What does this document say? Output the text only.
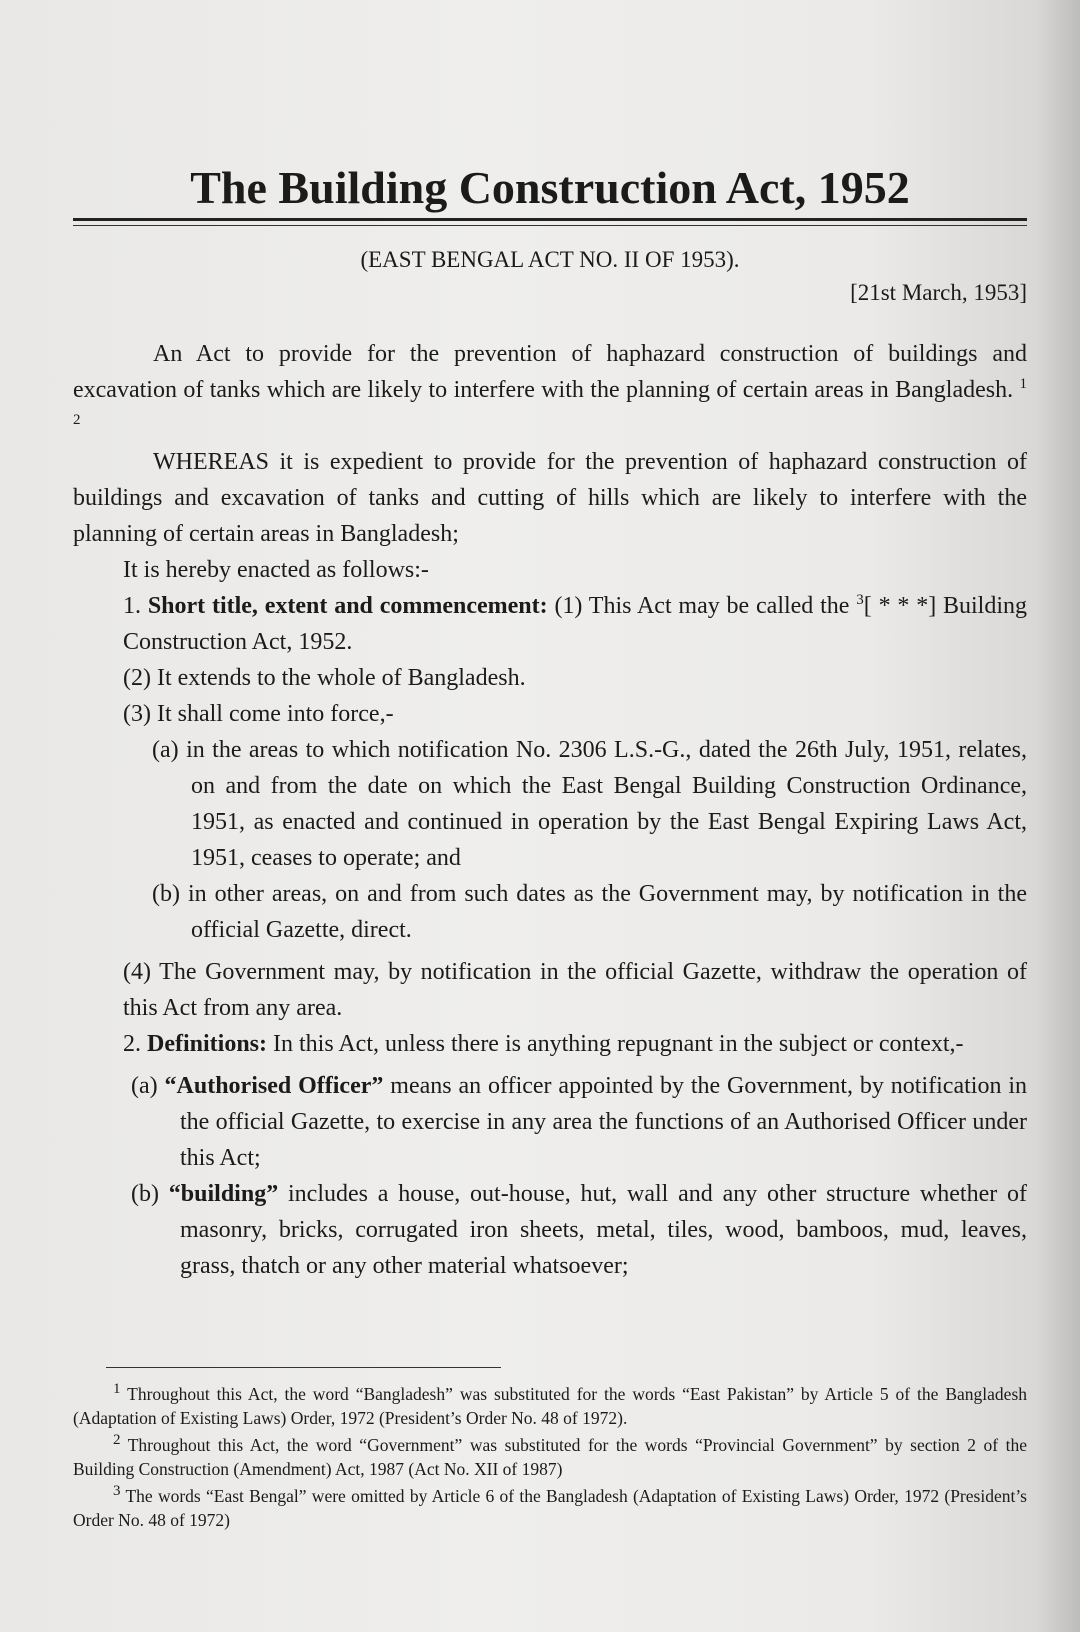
The Building Construction Act, 1952
(EAST BENGAL ACT NO. II OF 1953).
[21st March, 1953]

An Act to provide for the prevention of haphazard construction of buildings and excavation of tanks which are likely to interfere with the planning of certain areas in Bangladesh. $^{1 2}$

WHEREAS it is expedient to provide for the prevention of haphazard construction of buildings and excavation of tanks and cutting of hills which are likely to interfere with the planning of certain areas in Bangladesh;

It is hereby enacted as follows:-

1. Short title, extent and commencement: (1) This Act may be called the $^3$[ * * *] Building Construction Act, 1952.

(2) It extends to the whole of Bangladesh.

(3) It shall come into force,-

(a) in the areas to which notification No. 2306 L.S.-G., dated the 26th July, 1951, relates, on and from the date on which the East Bengal Building Construction Ordinance, 1951, as enacted and continued in operation by the East Bengal Expiring Laws Act, 1951, ceases to operate; and

(b) in other areas, on and from such dates as the Government may, by notification in the official Gazette, direct.

(4) The Government may, by notification in the official Gazette, withdraw the operation of this Act from any area.

2. Definitions: In this Act, unless there is anything repugnant in the subject or context,-

(a) “Authorised Officer” means an officer appointed by the Government, by notification in the official Gazette, to exercise in any area the functions of an Authorised Officer under this Act;

(b) “building” includes a house, out-house, hut, wall and any other structure whether of masonry, bricks, corrugated iron sheets, metal, tiles, wood, bamboos, mud, leaves, grass, thatch or any other material whatsoever;

$^1$ Throughout this Act, the word “Bangladesh” was substituted for the words “East Pakistan” by Article 5 of the Bangladesh (Adaptation of Existing Laws) Order, 1972 (President’s Order No. 48 of 1972).

$^2$ Throughout this Act, the word “Government” was substituted for the words “Provincial Government” by section 2 of the Building Construction (Amendment) Act, 1987 (Act No. XII of 1987)

$^3$ The words “East Bengal” were omitted by Article 6 of the Bangladesh (Adaptation of Existing Laws) Order, 1972 (President’s Order No. 48 of 1972)
